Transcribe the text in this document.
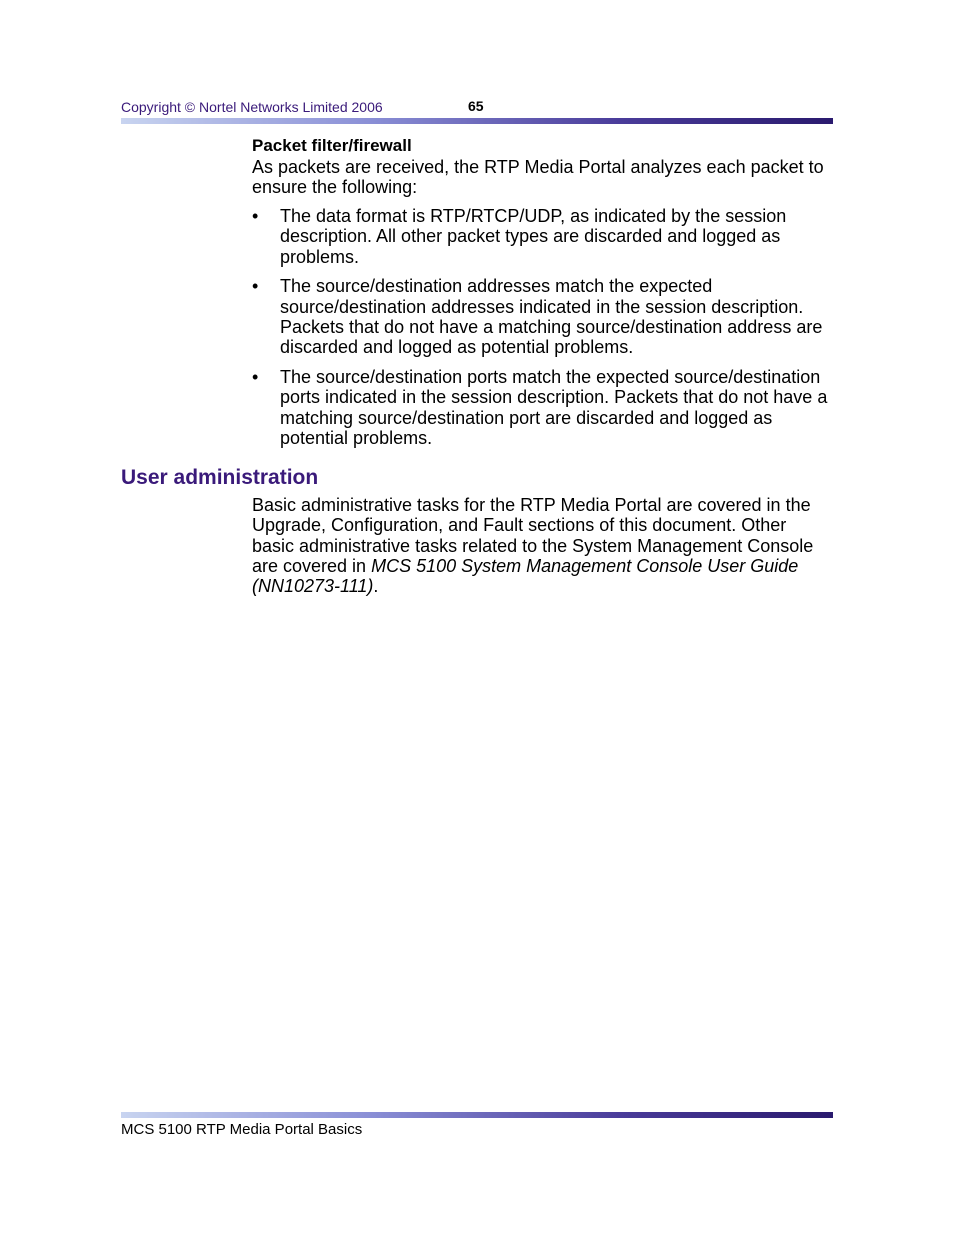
Copyright © Nortel Networks Limited 2006	65
Packet filter/firewall
As packets are received, the RTP Media Portal analyzes each packet to ensure the following:
• The data format is RTP/RTCP/UDP, as indicated by the session description. All other packet types are discarded and logged as problems.
• The source/destination addresses match the expected source/destination addresses indicated in the session description. Packets that do not have a matching source/destination address are discarded and logged as potential problems.
• The source/destination ports match the expected source/destination ports indicated in the session description. Packets that do not have a matching source/destination port are discarded and logged as potential problems.
User administration
Basic administrative tasks for the RTP Media Portal are covered in the Upgrade, Configuration, and Fault sections of this document. Other basic administrative tasks related to the System Management Console are covered in MCS 5100 System Management Console User Guide (NN10273-111).
MCS 5100 RTP Media Portal Basics
